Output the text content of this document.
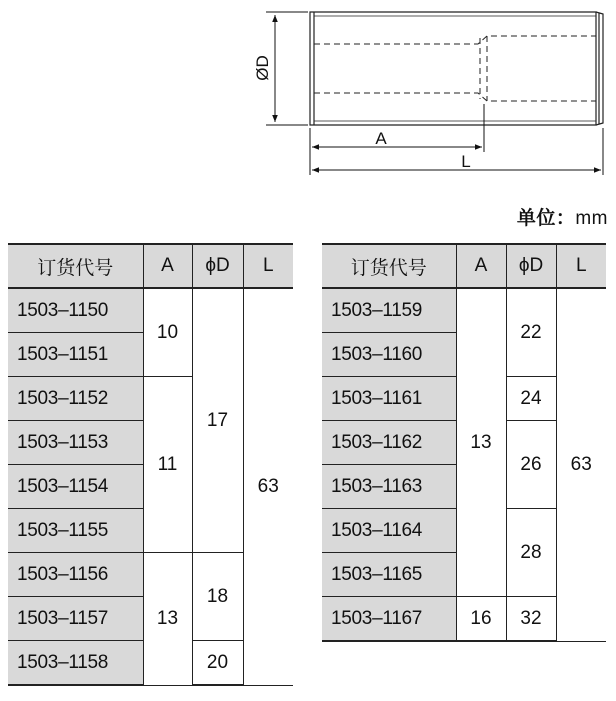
ØD
A
L
单位：mm
订货代号	A	ϕD	L
1503–1150	10	17	63
1503–1151			
1503–1152	11		
1503–1153			
1503–1154			
1503–1155			
1503–1156	13	18	
1503–1157			
1503–1158		20	
订货代号	A	ϕD	L
1503–1159	13	22	63
1503–1160			
1503–1161		24	
1503–1162		26	
1503–1163			
1503–1164		28	
1503–1165			
1503–1167	16	32	
